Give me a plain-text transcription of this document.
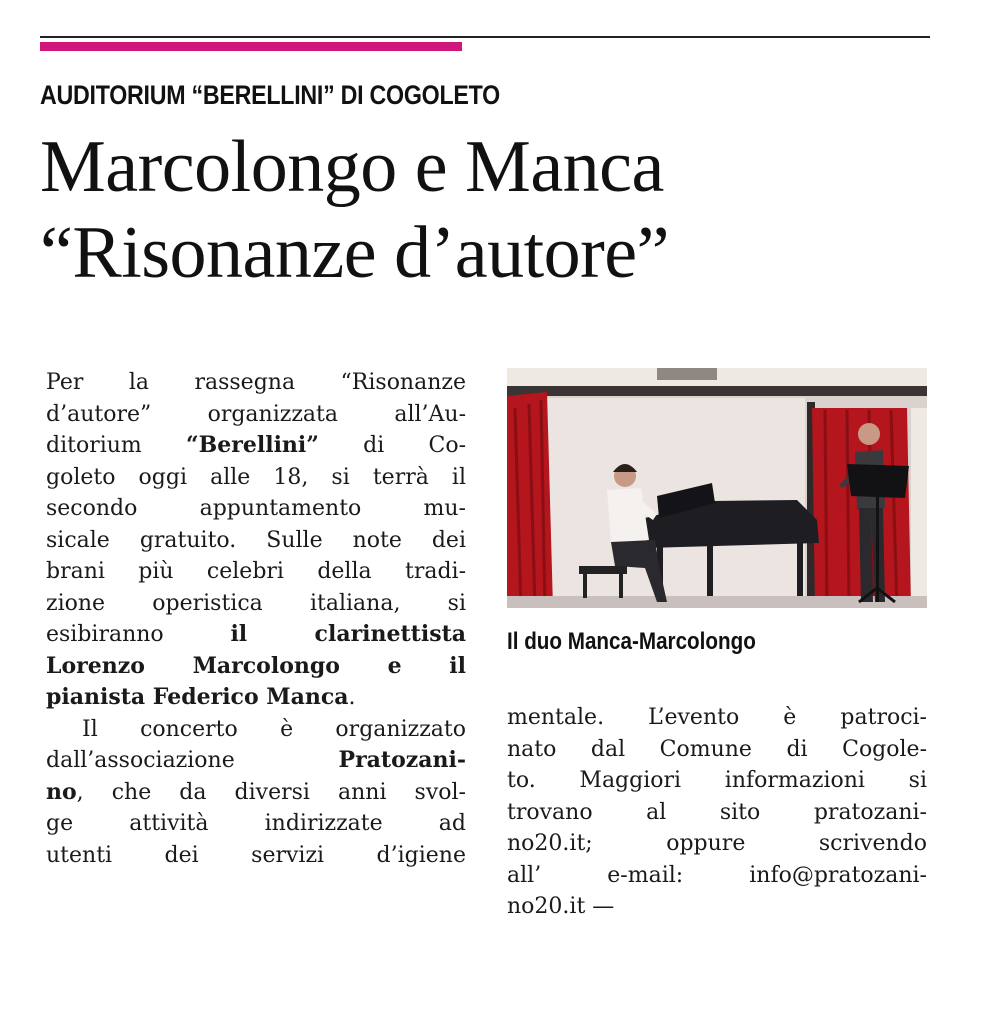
AUDITORIUM “BERELLINI” DI COGOLETO
Marcolongo e Manca
“Risonanze d’autore”
Per la rassegna “Risonanze
d’autore” organizzata all’Au-
ditorium “Berellini” di Co-
goleto oggi alle 18, si terrà il
secondo appuntamento mu-
sicale gratuito. Sulle note dei
brani più celebri della tradi-
zione operistica italiana, si
esibiranno il clarinettista
Lorenzo Marcolongo e il
pianista Federico Manca.
Il concerto è organizzato
dall’associazione Pratozani-
no, che da diversi anni svol-
ge attività indirizzate ad
utenti dei servizi d’igiene
Il duo Manca-Marcolongo
mentale. L’evento è patroci-
nato dal Comune di Cogole-
to. Maggiori informazioni si
trovano al sito pratozani-
no20.it; oppure scrivendo
all’ e-mail: info@pratozani-
no20.it —
